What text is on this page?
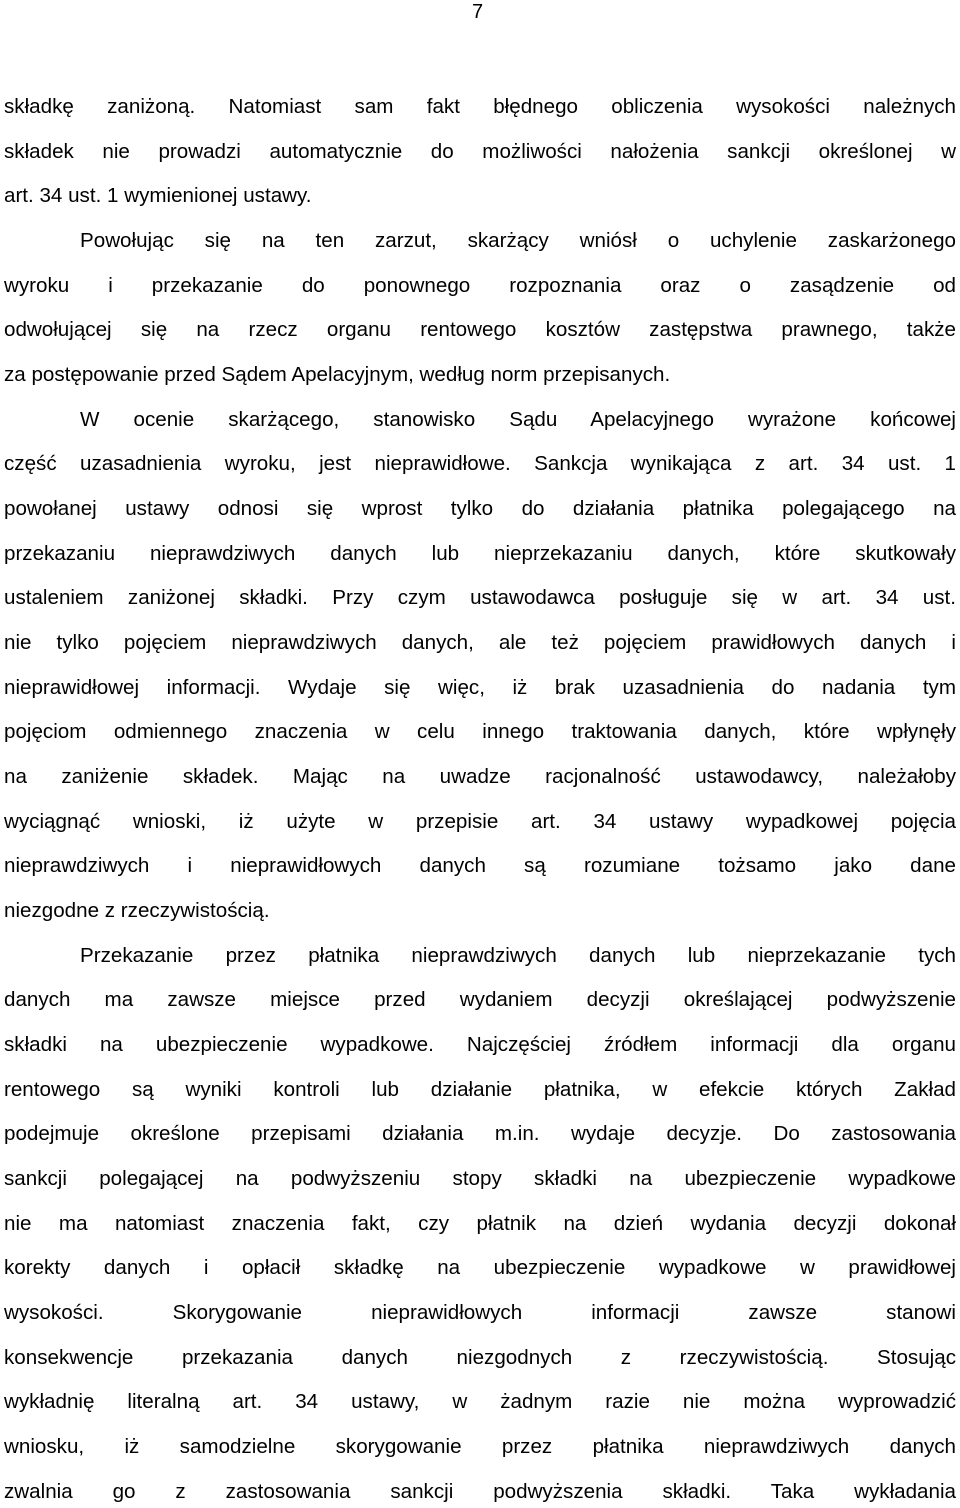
7
składkę zaniżoną. Natomiast sam fakt błędnego obliczenia wysokości należnych
składek nie prowadzi automatycznie do możliwości nałożenia sankcji określonej w
art. 34 ust. 1 wymienionej ustawy.
Powołując się na ten zarzut, skarżący wniósł o uchylenie zaskarżonego
wyroku i przekazanie do ponownego rozpoznania oraz o zasądzenie od
odwołującej się na rzecz organu rentowego kosztów zastępstwa prawnego, także
za postępowanie przed Sądem Apelacyjnym, według norm przepisanych.
W ocenie skarżącego, stanowisko Sądu Apelacyjnego wyrażone końcowej
część uzasadnienia wyroku, jest nieprawidłowe. Sankcja wynikająca z art. 34 ust. 1
powołanej ustawy odnosi się wprost tylko do działania płatnika polegającego na
przekazaniu nieprawdziwych danych lub nieprzekazaniu danych, które skutkowały
ustaleniem zaniżonej składki. Przy czym ustawodawca posługuje się w art. 34 ust.
nie tylko pojęciem nieprawdziwych danych, ale też pojęciem prawidłowych danych i
nieprawidłowej informacji. Wydaje się więc, iż brak uzasadnienia do nadania tym
pojęciom odmiennego znaczenia w celu innego traktowania danych, które wpłynęły
na zaniżenie składek. Mając na uwadze racjonalność ustawodawcy, należałoby
wyciągnąć wnioski, iż użyte w przepisie art. 34 ustawy wypadkowej pojęcia
nieprawdziwych i nieprawidłowych danych są rozumiane tożsamo jako dane
niezgodne z rzeczywistością.
Przekazanie przez płatnika nieprawdziwych danych lub nieprzekazanie tych
danych ma zawsze miejsce przed wydaniem decyzji określającej podwyższenie
składki na ubezpieczenie wypadkowe. Najczęściej źródłem informacji dla organu
rentowego są wyniki kontroli lub działanie płatnika, w efekcie których Zakład
podejmuje określone przepisami działania m.in. wydaje decyzje. Do zastosowania
sankcji polegającej na podwyższeniu stopy składki na ubezpieczenie wypadkowe
nie ma natomiast znaczenia fakt, czy płatnik na dzień wydania decyzji dokonał
korekty danych i opłacił składkę na ubezpieczenie wypadkowe w prawidłowej
wysokości. Skorygowanie nieprawidłowych informacji zawsze stanowi
konsekwencje przekazania danych niezgodnych z rzeczywistością. Stosując
wykładnię literalną art. 34 ustawy, w żadnym razie nie można wyprowadzić
wniosku, iż samodzielne skorygowanie przez płatnika nieprawdziwych danych
zwalnia go z zastosowania sankcji podwyższenia składki. Taka wykładania
